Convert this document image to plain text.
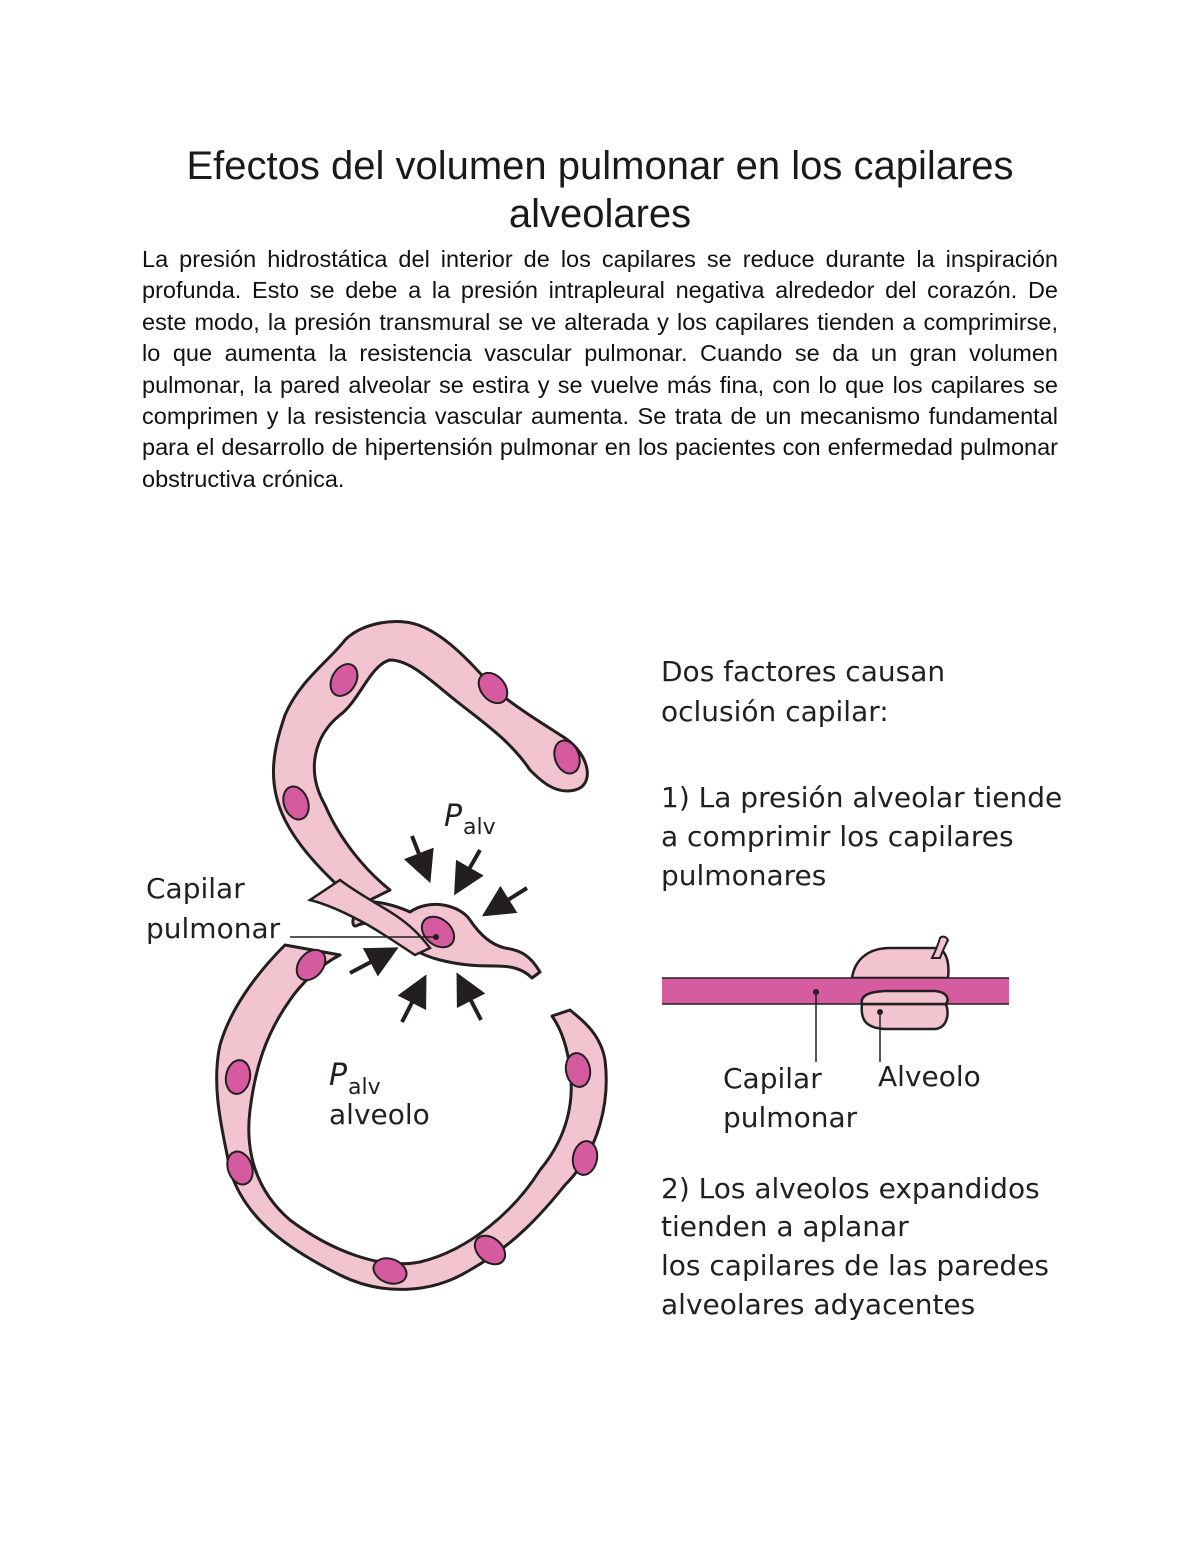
Efectos del volumen pulmonar en los capilares alveolares
La presión hidrostática del interior de los capilares se reduce durante la inspiración profunda. Esto se debe a la presión intrapleural negativa alrededor del corazón. De este modo, la presión transmural se ve alterada y los capilares tienden a comprimirse, lo que aumenta la resistencia vascular pulmonar. Cuando se da un gran volumen pulmonar, la pared alveolar se estira y se vuelve más fina, con lo que los capilares se comprimen y la resistencia vascular aumenta. Se trata de un mecanismo fundamental para el desarrollo de hipertensión pulmonar en los pacientes con enfermedad pulmonar obstructiva crónica.
Capilar
pulmonar
P alv
P alv
alveolo
Dos factores causan
oclusión capilar:
1) La presión alveolar tiende
a comprimir los capilares
pulmonares
Capilar
pulmonar
Alveolo
2) Los alveolos expandidos
tienden a aplanar
los capilares de las paredes
alveolares adyacentes
